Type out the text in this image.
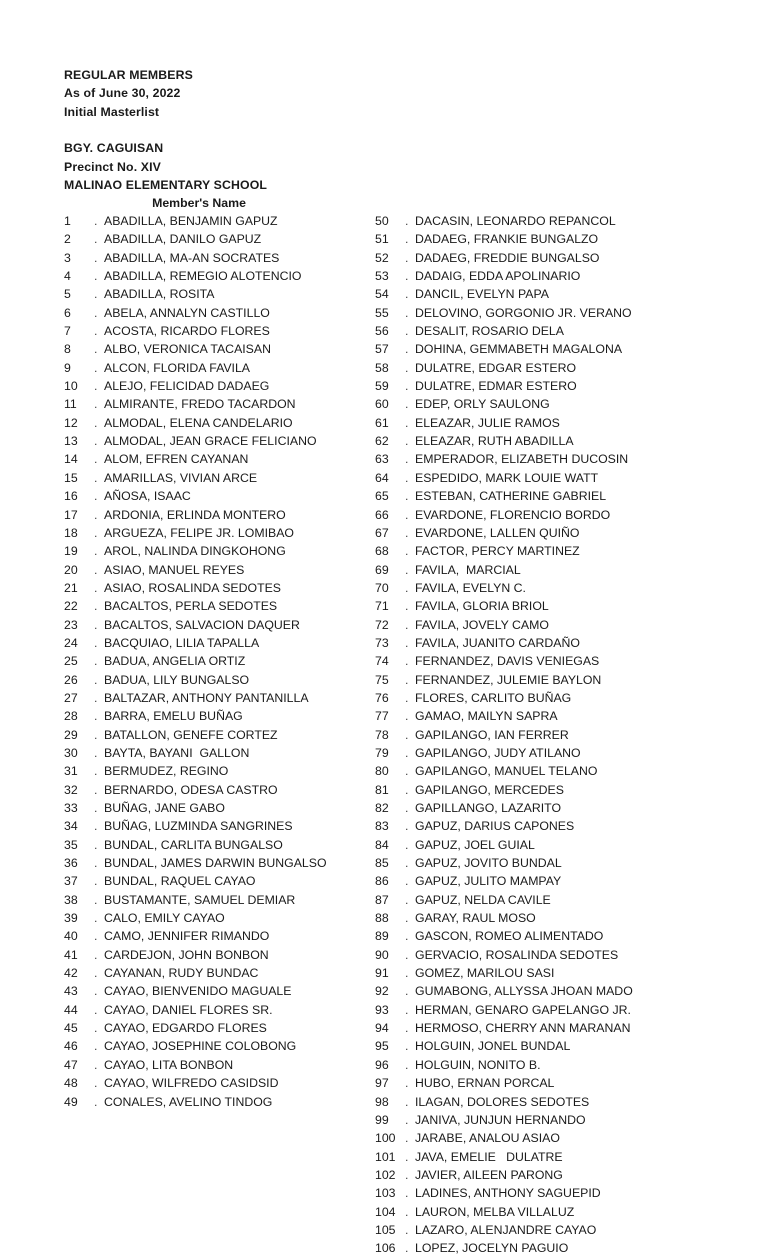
REGULAR MEMBERS
As of June 30, 2022
Initial Masterlist
BGY. CAGUISAN
Precinct No. XIV
MALINAO ELEMENTARY SCHOOL
Member's Name
1	. ABADILLA, BENJAMIN GAPUZ
2	. ABADILLA, DANILO GAPUZ
3	. ABADILLA, MA-AN SOCRATES
4	. ABADILLA, REMEGIO ALOTENCIO
5	. ABADILLA, ROSITA
6	. ABELA, ANNALYN CASTILLO
7	. ACOSTA, RICARDO FLORES
8	. ALBO, VERONICA TACAISAN
9	. ALCON, FLORIDA FAVILA
10	. ALEJO, FELICIDAD DADAEG
11	. ALMIRANTE, FREDO TACARDON
12	. ALMODAL, ELENA CANDELARIO
13	. ALMODAL, JEAN GRACE FELICIANO
14	. ALOM, EFREN CAYANAN
15	. AMARILLAS, VIVIAN ARCE
16	. AÑOSA, ISAAC
17	. ARDONIA, ERLINDA MONTERO
18	. ARGUEZA, FELIPE JR. LOMIBAO
19	. AROL, NALINDA DINGKOHONG
20	. ASIAO, MANUEL REYES
21	. ASIAO, ROSALINDA SEDOTES
22	. BACALTOS, PERLA SEDOTES
23	. BACALTOS, SALVACION DAQUER
24	. BACQUIAO, LILIA TAPALLA
25	. BADUA, ANGELIA ORTIZ
26	. BADUA, LILY BUNGALSO
27	. BALTAZAR, ANTHONY PANTANILLA
28	. BARRA, EMELU BUÑAG
29	. BATALLON, GENEFE CORTEZ
30	. BAYTA, BAYANI  GALLON
31	. BERMUDEZ, REGINO
32	. BERNARDO, ODESA CASTRO
33	. BUÑAG, JANE GABO
34	. BUÑAG, LUZMINDA SANGRINES
35	. BUNDAL, CARLITA BUNGALSO
36	. BUNDAL, JAMES DARWIN BUNGALSO
37	. BUNDAL, RAQUEL CAYAO
38	. BUSTAMANTE, SAMUEL DEMIAR
39	. CALO, EMILY CAYAO
40	. CAMO, JENNIFER RIMANDO
41	. CARDEJON, JOHN BONBON
42	. CAYANAN, RUDY BUNDAC
43	. CAYAO, BIENVENIDO MAGUALE
44	. CAYAO, DANIEL FLORES SR.
45	. CAYAO, EDGARDO FLORES
46	. CAYAO, JOSEPHINE COLOBONG
47	. CAYAO, LITA BONBON
48	. CAYAO, WILFREDO CASIDSID
49	. CONALES, AVELINO TINDOG
50	. DACASIN, LEONARDO REPANCOL
51	. DADAEG, FRANKIE BUNGALZO
52	. DADAEG, FREDDIE BUNGALSO
53	. DADAIG, EDDA APOLINARIO
54	. DANCIL, EVELYN PAPA
55	. DELOVINO, GORGONIO JR. VERANO
56	. DESALIT, ROSARIO DELA
57	. DOHINA, GEMMABETH MAGALONA
58	. DULATRE, EDGAR ESTERO
59	. DULATRE, EDMAR ESTERO
60	. EDEP, ORLY SAULONG
61	. ELEAZAR, JULIE RAMOS
62	. ELEAZAR, RUTH ABADILLA
63	. EMPERADOR, ELIZABETH DUCOSIN
64	. ESPEDIDO, MARK LOUIE WATT
65	. ESTEBAN, CATHERINE GABRIEL
66	. EVARDONE, FLORENCIO BORDO
67	. EVARDONE, LALLEN QUIÑO
68	. FACTOR, PERCY MARTINEZ
69	. FAVILA,  MARCIAL
70	. FAVILA, EVELYN C.
71	. FAVILA, GLORIA BRIOL
72	. FAVILA, JOVELY CAMO
73	. FAVILA, JUANITO CARDAÑO
74	. FERNANDEZ, DAVIS VENIEGAS
75	. FERNANDEZ, JULEMIE BAYLON
76	. FLORES, CARLITO BUÑAG
77	. GAMAO, MAILYN SAPRA
78	. GAPILANGO, IAN FERRER
79	. GAPILANGO, JUDY ATILANO
80	. GAPILANGO, MANUEL TELANO
81	. GAPILANGO, MERCEDES
82	. GAPILLANGO, LAZARITO
83	. GAPUZ, DARIUS CAPONES
84	. GAPUZ, JOEL GUIAL
85	. GAPUZ, JOVITO BUNDAL
86	. GAPUZ, JULITO MAMPAY
87	. GAPUZ, NELDA CAVILE
88	. GARAY, RAUL MOSO
89	. GASCON, ROMEO ALIMENTADO
90	. GERVACIO, ROSALINDA SEDOTES
91	. GOMEZ, MARILOU SASI
92	. GUMABONG, ALLYSSA JHOAN MADO
93	. HERMAN, GENARO GAPELANGO JR.
94	. HERMOSO, CHERRY ANN MARANAN
95	. HOLGUIN, JONEL BUNDAL
96	. HOLGUIN, NONITO B.
97	. HUBO, ERNAN PORCAL
98	. ILAGAN, DOLORES SEDOTES
99	. JANIVA, JUNJUN HERNANDO
100 . JARABE, ANALOU ASIAO
101 . JAVA, EMELIE   DULATRE
102 . JAVIER, AILEEN PARONG
103 . LADINES, ANTHONY SAGUEPID
104 . LAURON, MELBA VILLALUZ
105 . LAZARO, ALENJANDRE CAYAO
106 . LOPEZ, JOCELYN PAGUIO
